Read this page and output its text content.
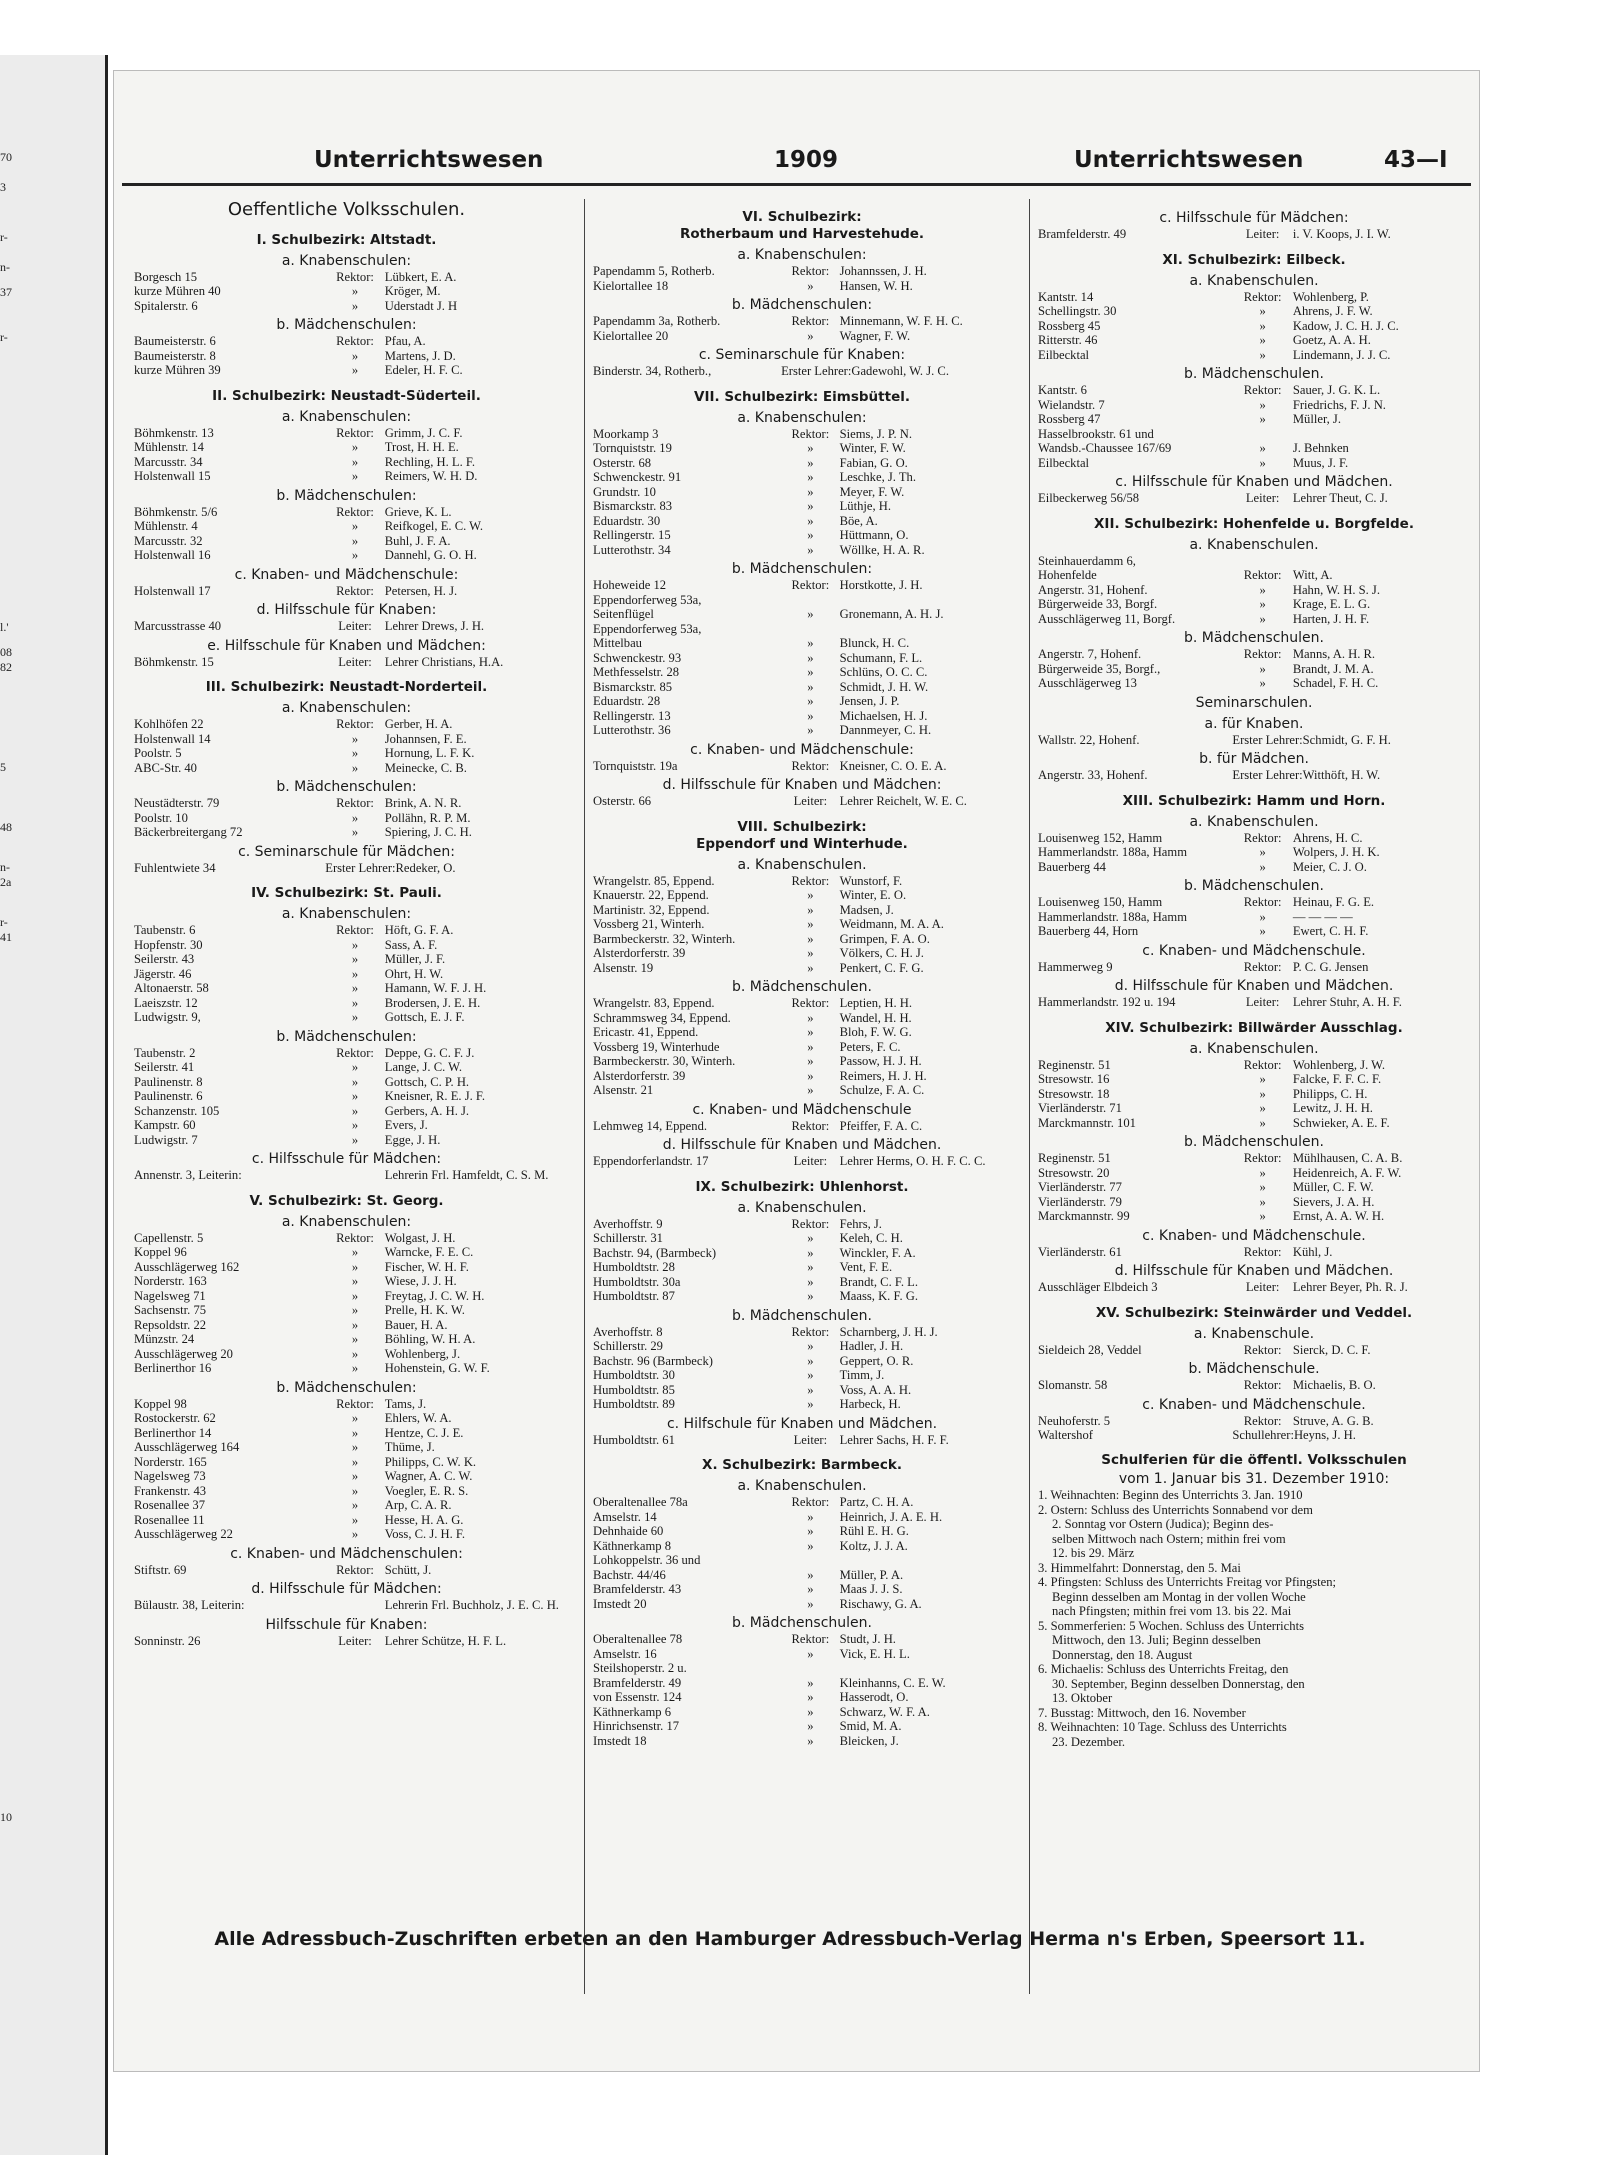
70
3
r-
n-
37
r-
l.'
08
82
5
48
n-
2a
r-
41
10
Unterrichtswesen	1909	Unterrichtswesen	43—I
Oeffentliche Volksschulen.
I. Schulbezirk: Altstadt.
a. Knabenschulen:
Borgesch 15	Rektor: Lübkert, E. A.
kurze Mühren 40	»	Kröger, M.
Spitalerstr. 6	»	Uderstadt J. H
b. Mädchenschulen:
Baumeisterstr. 6	Rektor: Pfau, A.
Baumeisterstr. 8	»	Martens, J. D.
kurze Mühren 39	»	Edeler, H. F. C.
II. Schulbezirk: Neustadt-Süderteil.
a. Knabenschulen:
Böhmkenstr. 13	Rektor: Grimm, J. C. F.
Mühlenstr. 14	»	Trost, H. H. E.
Marcusstr. 34	»	Rechling, H. L. F.
Holstenwall 15	»	Reimers, W. H. D.
b. Mädchenschulen:
Böhmkenstr. 5/6	Rektor: Grieve, K. L.
Mühlenstr. 4	»	Reifkogel, E. C. W.
Marcusstr. 32	»	Buhl, J. F. A.
Holstenwall 16	»	Dannehl, G. O. H.
c. Knaben- und Mädchenschule:
Holstenwall 17	Rektor: Petersen, H. J.
d. Hilfsschule für Knaben:
Marcusstrasse 40	Leiter:	Lehrer Drews, J. H.
e. Hilfsschule für Knaben und Mädchen:
Böhmkenstr. 15	Leiter:	Lehrer Christians, H.A.
III. Schulbezirk: Neustadt-Norderteil.
a. Knabenschulen:
Kohlhöfen 22	Rektor: Gerber, H. A.
Holstenwall 14	»	Johannsen, F. E.
Poolstr. 5	»	Hornung, L. F. K.
ABC-Str. 40	»	Meinecke, C. B.
b. Mädchenschulen:
Neustädterstr. 79	Rektor: Brink, A. N. R.
Poolstr. 10	»	Pollähn, R. P. M.
Bäckerbreitergang 72	»	Spiering, J. C. H.
c. Seminarschule für Mädchen:
Fuhlentwiete 34	Erster Lehrer: Redeker, O.
IV. Schulbezirk: St. Pauli.
a. Knabenschulen:
Taubenstr. 6	Rektor: Höft, G. F. A.
Hopfenstr. 30	»	Sass, A. F.
Seilerstr. 43	»	Müller, J. F.
Jägerstr. 46	»	Ohrt, H. W.
Altonaerstr. 58	»	Hamann, W. F. J. H.
Laeiszstr. 12	»	Brodersen, J. E. H.
Ludwigstr. 9,	»	Gottsch, E. J. F.
b. Mädchenschulen:
Taubenstr. 2	Rektor: Deppe, G. C. F. J.
Seilerstr. 41	»	Lange, J. C. W.
Paulinenstr. 8	»	Gottsch, C. P. H.
Paulinenstr. 6	»	Kneisner, R. E. J. F.
Schanzenstr. 105	»	Gerbers, A. H. J.
Kampstr. 60	»	Evers, J.
Ludwigstr. 7	»	Egge, J. H.
c. Hilfsschule für Mädchen:
Annenstr. 3, Leiterin:	Lehrerin Frl. Hamfeldt, C. S. M.
V. Schulbezirk: St. Georg.
a. Knabenschulen:
Capellenstr. 5	Rektor: Wolgast, J. H.
Koppel 96	»	Warncke, F. E. C.
Ausschlägerweg 162	»	Fischer, W. H. F.
Norderstr. 163	»	Wiese, J. J. H.
Nagelsweg 71	»	Freytag, J. C. W. H.
Sachsenstr. 75	»	Prelle, H. K. W.
Repsoldstr. 22	»	Bauer, H. A.
Münzstr. 24	»	Böhling, W. H. A.
Ausschlägerweg 20	»	Wohlenberg, J.
Berlinerthor 16	»	Hohenstein, G. W. F.
b. Mädchenschulen:
Koppel 98	Rektor: Tams, J.
Rostockerstr. 62	»	Ehlers, W. A.
Berlinerthor 14	»	Hentze, C. J. E.
Ausschlägerweg 164	»	Thüme, J.
Norderstr. 165	»	Philipps, C. W. K.
Nagelsweg 73	»	Wagner, A. C. W.
Frankenstr. 43	»	Voegler, E. R. S.
Rosenallee 37	»	Arp, C. A. R.
Rosenallee 11	»	Hesse, H. A. G.
Ausschlägerweg 22	»	Voss, C. J. H. F.
c. Knaben- und Mädchenschulen:
Stiftstr. 69	Rektor: Schütt, J.
d. Hilfsschule für Mädchen:
Bülaustr. 38, Leiterin:	Lehrerin Frl. Buchholz, J. E. C. H.
Hilfsschule für Knaben:
Sonninstr. 26	Leiter:	Lehrer Schütze, H. F. L.
VI. Schulbezirk:
Rotherbaum und Harvestehude.
a. Knabenschulen:
Papendamm 5, Rotherb.	Rektor: Johannssen, J. H.
Kielortallee 18	»	Hansen, W. H.
b. Mädchenschulen:
Papendamm 3a, Rotherb.	Rektor: Minnemann, W. F. H. C.
Kielortallee 20	»	Wagner, F. W.
c. Seminarschule für Knaben:
Binderstr. 34, Rotherb.,	Erster Lehrer: Gadewohl, W. J. C.
VII. Schulbezirk: Eimsbüttel.
a. Knabenschulen:
Moorkamp 3	Rektor: Siems, J. P. N.
Tornquiststr. 19	»	Winter, F. W.
Osterstr. 68	»	Fabian, G. O.
Schwenckestr. 91	»	Leschke, J. Th.
Grundstr. 10	»	Meyer, F. W.
Bismarckstr. 83	»	Lüthje, H.
Eduardstr. 30	»	Böe, A.
Rellingerstr. 15	»	Hüttmann, O.
Lutterothstr. 34	»	Wöllke, H. A. R.
b. Mädchenschulen:
Hoheweide 12	Rektor: Horstkotte, J. H.
Eppendorferweg 53a,
Seitenflügel	»	Gronemann, A. H. J.
Eppendorferweg 53a,
Mittelbau	»	Blunck, H. C.
Schwenckestr. 93	»	Schumann, F. L.
Methfesselstr. 28	»	Schlüns, O. C. C.
Bismarckstr. 85	»	Schmidt, J. H. W.
Eduardstr. 28	»	Jensen, J. P.
Rellingerstr. 13	»	Michaelsen, H. J.
Lutterothstr. 36	»	Dannmeyer, C. H.
c. Knaben- und Mädchenschule:
Tornquiststr. 19a	Rektor: Kneisner, C. O. E. A.
d. Hilfsschule für Knaben und Mädchen:
Osterstr. 66	Leiter: Lehrer Reichelt, W. E. C.
VIII. Schulbezirk:
Eppendorf und Winterhude.
a. Knabenschulen.
Wrangelstr. 85, Eppend.	Rektor: Wunstorf, F.
Knauerstr. 22, Eppend.	»	Winter, E. O.
Martinistr. 32, Eppend.	»	Madsen, J.
Vossberg 21, Winterh.	»	Weidmann, M. A. A.
Barmbeckerstr. 32, Winterh.	»	Grimpen, F. A. O.
Alsterdorferstr. 39	»	Völkers, C. H. J.
Alsenstr. 19	»	Penkert, C. F. G.
b. Mädchenschulen.
Wrangelstr. 83, Eppend.	Rektor: Leptien, H. H.
Schrammsweg 34, Eppend.	»	Wandel, H. H.
Ericastr. 41, Eppend.	»	Bloh, F. W. G.
Vossberg 19, Winterhude	»	Peters, F. C.
Barmbeckerstr. 30, Winterh.	»	Passow, H. J. H.
Alsterdorferstr. 39	»	Reimers, H. J. H.
Alsenstr. 21	»	Schulze, F. A. C.
c. Knaben- und Mädchenschule
Lehmweg 14, Eppend.	Rektor: Pfeiffer, F. A. C.
d. Hilfsschule für Knaben und Mädchen.
Eppendorferlandstr. 17	Leiter: Lehrer Herms, O. H. F. C. C.
IX. Schulbezirk: Uhlenhorst.
a. Knabenschulen.
Averhoffstr. 9	Rektor: Fehrs, J.
Schillerstr. 31	»	Keleh, C. H.
Bachstr. 94, (Barmbeck)	»	Winckler, F. A.
Humboldtstr. 28	»	Vent, F. E.
Humboldtstr. 30a	»	Brandt, C. F. L.
Humboldtstr. 87	»	Maass, K. F. G.
b. Mädchenschulen.
Averhoffstr. 8	Rektor: Scharnberg, J. H. J.
Schillerstr. 29	»	Hadler, J. H.
Bachstr. 96 (Barmbeck)	»	Geppert, O. R.
Humboldtstr. 30	»	Timm, J.
Humboldtstr. 85	»	Voss, A. A. H.
Humboldtstr. 89	»	Harbeck, H.
c. Hilfschule für Knaben und Mädchen.
Humboldtstr. 61	Leiter: Lehrer Sachs, H. F. F.
X. Schulbezirk: Barmbeck.
a. Knabenschulen.
Oberaltenallee 78a	Rektor: Partz, C. H. A.
Amselstr. 14	»	Heinrich, J. A. E. H.
Dehnhaide 60	»	Rühl E. H. G.
Käthnerkamp 8	»	Koltz, J. J. A.
Lohkoppelstr. 36 und
Bachstr. 44/46	»	Müller, P. A.
Bramfelderstr. 43	»	Maas J. J. S.
Imstedt 20	»	Rischawy, G. A.
b. Mädchenschulen.
Oberaltenallee 78	Rektor: Studt, J. H.
Amselstr. 16	»	Vick, E. H. L.
Steilshoperstr. 2 u.
Bramfelderstr. 49	»	Kleinhanns, C. E. W.
von Essenstr. 124	»	Hasserodt, O.
Käthnerkamp 6	»	Schwarz, W. F. A.
Hinrichsenstr. 17	»	Smid, M. A.
Imstedt 18	»	Bleicken, J.
c. Hilfsschule für Mädchen:
Bramfelderstr. 49	Leiter:	i. V. Koops, J. I. W.
XI. Schulbezirk: Eilbeck.
a. Knabenschulen.
Kantstr. 14	Rektor: Wohlenberg, P.
Schellingstr. 30	»	Ahrens, J. F. W.
Rossberg 45	»	Kadow, J. C. H. J. C.
Ritterstr. 46	»	Goetz, A. A. H.
Eilbecktal	»	Lindemann, J. J. C.
b. Mädchenschulen.
Kantstr. 6	Rektor: Sauer, J. G. K. L.
Wielandstr. 7	»	Friedrichs, F. J. N.
Rossberg 47	»	Müller, J.
Hasselbrookstr. 61 und
Wandsb.-Chaussee 167/69	»	J. Behnken
Eilbecktal	»	Muus, J. F.
c. Hilfsschule für Knaben und Mädchen.
Eilbeckerweg 56/58	Leiter:	Lehrer Theut, C. J.
XII. Schulbezirk: Hohenfelde u. Borgfelde.
a. Knabenschulen.
Steinhauerdamm 6,
Hohenfelde	Rektor: Witt, A.
Angerstr. 31, Hohenf.	»	Hahn, W. H. S. J.
Bürgerweide 33, Borgf.	»	Krage, E. L. G.
Ausschlägerweg 11, Borgf.	»	Harten, J. H. F.
b. Mädchenschulen.
Angerstr. 7, Hohenf.	Rektor: Manns, A. H. R.
Bürgerweide 35, Borgf.,	»	Brandt, J. M. A.
Ausschlägerweg 13	»	Schadel, F. H. C.
Seminarschulen.
a. für Knaben.
Wallstr. 22, Hohenf.	Erster Lehrer: Schmidt, G. F. H.
b. für Mädchen.
Angerstr. 33, Hohenf.	Erster Lehrer: Witthöft, H. W.
XIII. Schulbezirk: Hamm und Horn.
a. Knabenschulen.
Louisenweg 152, Hamm	Rektor: Ahrens, H. C.
Hammerlandstr. 188a, Hamm	»	Wolpers, J. H. K.
Bauerberg 44	»	Meier, C. J. O.
b. Mädchenschulen.
Louisenweg 150, Hamm	Rektor: Heinau, F. G. E.
Hammerlandstr. 188a, Hamm	»	— — — —
Bauerberg 44, Horn	»	Ewert, C. H. F.
c. Knaben- und Mädchenschule.
Hammerweg 9	Rektor: P. C. G. Jensen
d. Hilfsschule für Knaben und Mädchen.
Hammerlandstr. 192 u. 194	Leiter:	Lehrer Stuhr, A. H. F.
XIV. Schulbezirk: Billwärder Ausschlag.
a. Knabenschulen.
Reginenstr. 51	Rektor: Wohlenberg, J. W.
Stresowstr. 16	»	Falcke, F. F. C. F.
Stresowstr. 18	»	Philipps, C. H.
Vierländerstr. 71	»	Lewitz, J. H. H.
Marckmannstr. 101	»	Schwieker, A. E. F.
b. Mädchenschulen.
Reginenstr. 51	Rektor: Mühlhausen, C. A. B.
Stresowstr. 20	»	Heidenreich, A. F. W.
Vierländerstr. 77	»	Müller, C. F. W.
Vierländerstr. 79	»	Sievers, J. A. H.
Marckmannstr. 99	»	Ernst, A. A. W. H.
c. Knaben- und Mädchenschule.
Vierländerstr. 61	Rektor: Kühl, J.
d. Hilfsschule für Knaben und Mädchen.
Ausschläger Elbdeich 3	Leiter:	Lehrer Beyer, Ph. R. J.
XV. Schulbezirk: Steinwärder und Veddel.
a. Knabenschule.
Sieldeich 28, Veddel	Rektor: Sierck, D. C. F.
b. Mädchenschule.
Slomanstr. 58	Rektor: Michaelis, B. O.
c. Knaben- und Mädchenschule.
Neuhoferstr. 5	Rektor: Struve, A. G. B.
Waltershof	Schullehrer: Heyns, J. H.
Schulferien für die öffentl. Volksschulen
vom 1. Januar bis 31. Dezember 1910:
1. Weihnachten: Beginn des Unterrichts 3. Jan. 1910
2. Ostern: Schluss des Unterrichts Sonnabend vor dem
2. Sonntag vor Ostern (Judica); Beginn des-
selben Mittwoch nach Ostern; mithin frei vom
12. bis 29. März
3. Himmelfahrt: Donnerstag, den 5. Mai
4. Pfingsten: Schluss des Unterrichts Freitag vor Pfingsten;
Beginn desselben am Montag in der vollen Woche
nach Pfingsten; mithin frei vom 13. bis 22. Mai
5. Sommerferien: 5 Wochen. Schluss des Unterrichts
Mittwoch, den 13. Juli; Beginn desselben
Donnerstag, den 18. August
6. Michaelis: Schluss des Unterrichts Freitag, den
30. September, Beginn desselben Donnerstag, den
13. Oktober
7. Busstag: Mittwoch, den 16. November
8. Weihnachten: 10 Tage. Schluss des Unterrichts
23. Dezember.
Alle Adressbuch-Zuschriften erbeten an den Hamburger Adressbuch-Verlag Herma n's Erben, Speersort 11.
